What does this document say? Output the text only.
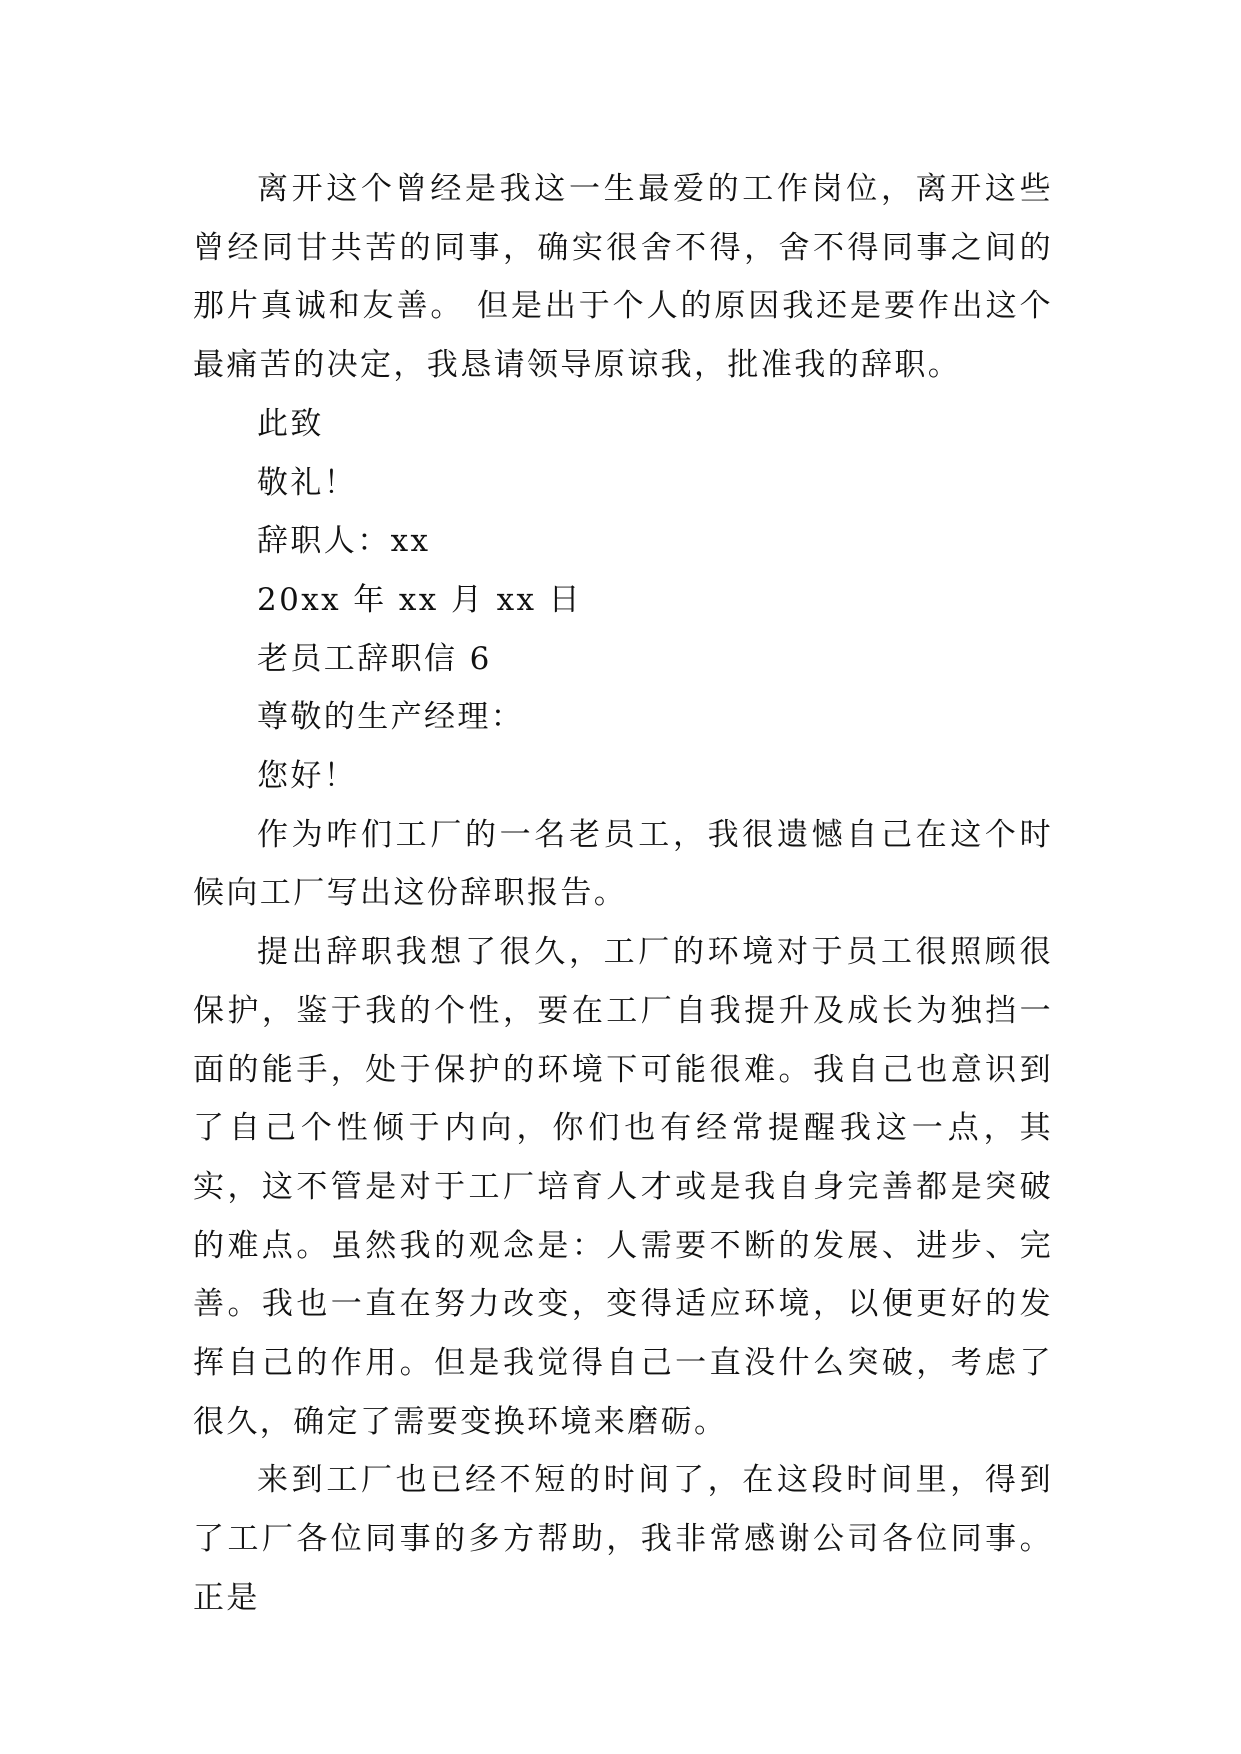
离开这个曾经是我这一生最爱的工作岗位，离开这些曾经同甘共苦的同事，确实很舍不得，舍不得同事之间的那片真诚和友善。 但是出于个人的原因我还是要作出这个最痛苦的决定，我恳请领导原谅我，批准我的辞职。

此致

敬礼！

辞职人：xx

20xx 年 xx 月 xx 日

老员工辞职信 6

尊敬的生产经理：

您好！

作为咋们工厂的一名老员工，我很遗憾自己在这个时候向工厂写出这份辞职报告。

提出辞职我想了很久，工厂的环境对于员工很照顾很保护，鉴于我的个性，要在工厂自我提升及成长为独挡一面的能手，处于保护的环境下可能很难。我自己也意识到了自己个性倾于内向，你们也有经常提醒我这一点，其实，这不管是对于工厂培育人才或是我自身完善都是突破的难点。虽然我的观念是：人需要不断的发展、进步、完善。我也一直在努力改变，变得适应环境，以便更好的发挥自己的作用。但是我觉得自己一直没什么突破，考虑了很久，确定了需要变换环境来磨砺。

来到工厂也已经不短的时间了，在这段时间里，得到了工厂各位同事的多方帮助，我非常感谢公司各位同事。正是
